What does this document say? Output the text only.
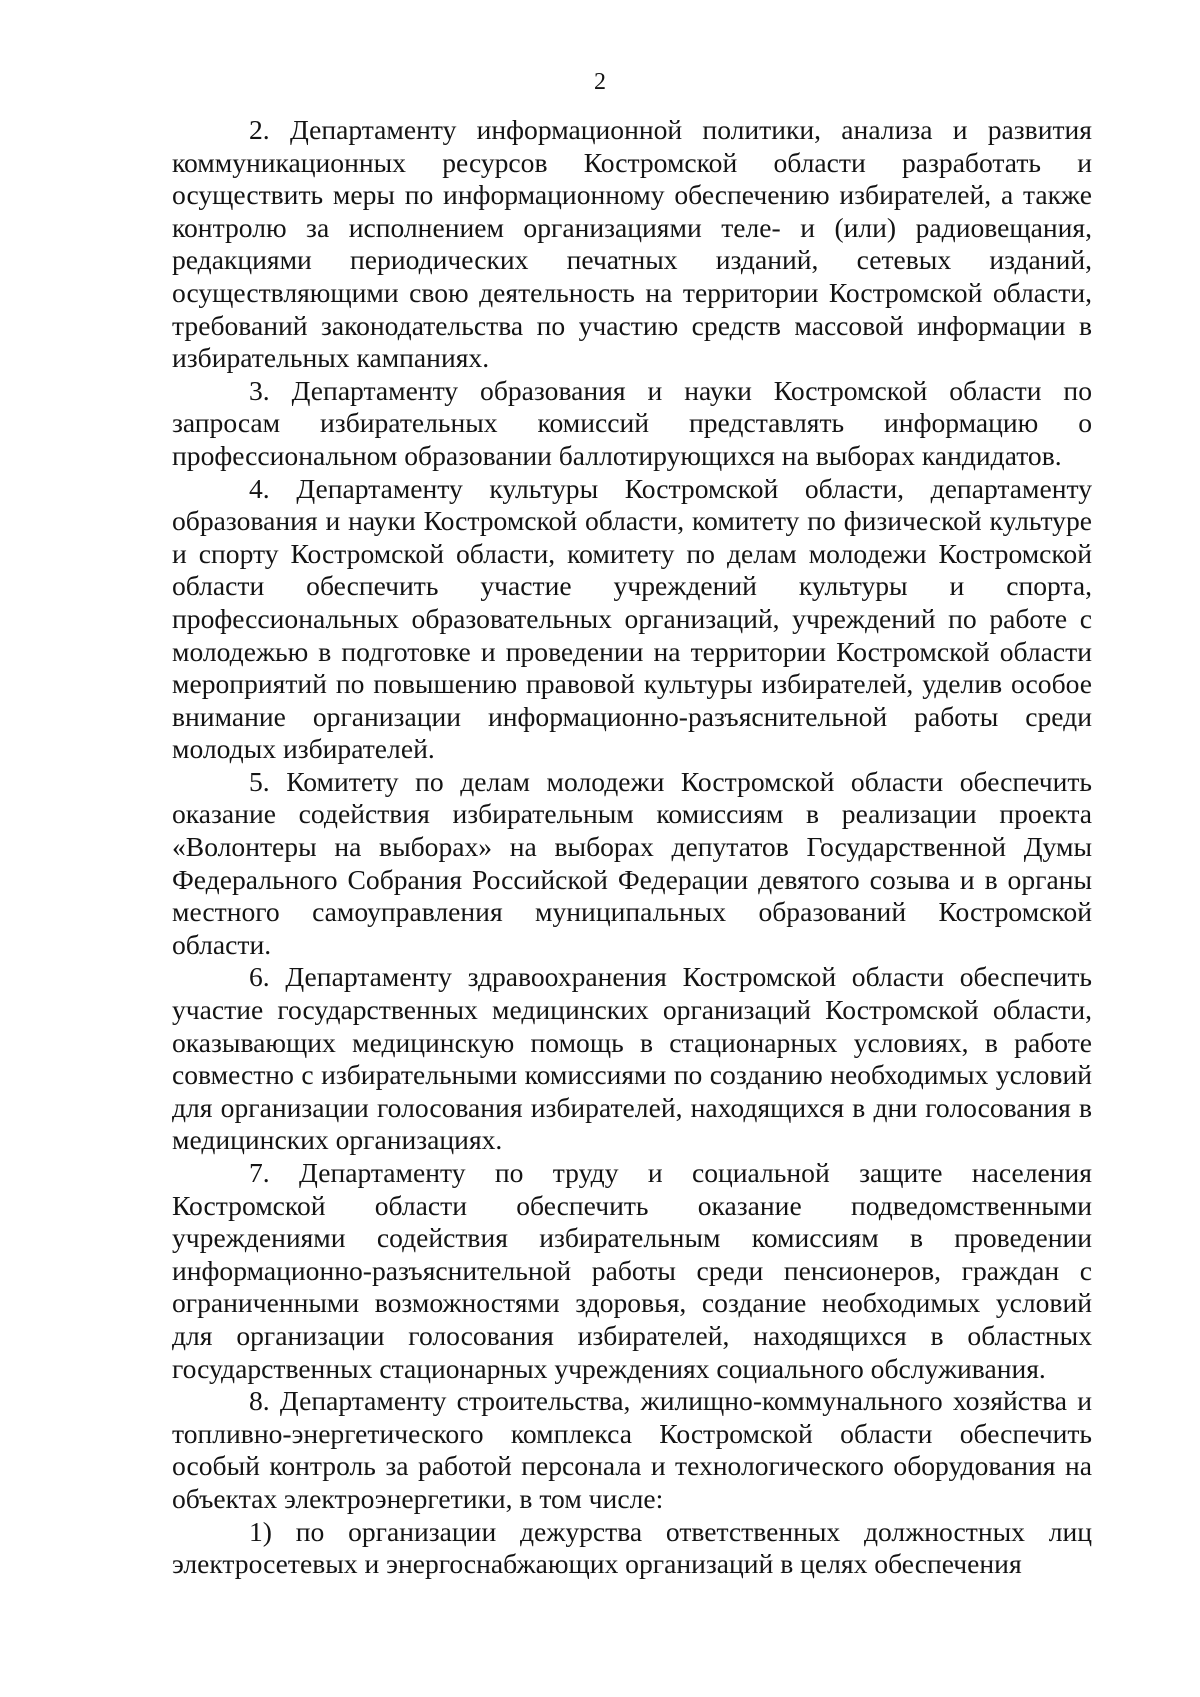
2

2. Департаменту информационной политики, анализа и развития коммуникационных ресурсов Костромской области разработать и осуществить меры по информационному обеспечению избирателей, а также контролю за исполнением организациями теле- и (или) радиовещания, редакциями периодических печатных изданий, сетевых изданий, осуществляющими свою деятельность на территории Костромской области, требований законодательства по участию средств массовой информации в избирательных кампаниях.

3. Департаменту образования и науки Костромской области по запросам избирательных комиссий представлять информацию о профессиональном образовании баллотирующихся на выборах кандидатов.

4. Департаменту культуры Костромской области, департаменту образования и науки Костромской области, комитету по физической культуре и спорту Костромской области, комитету по делам молодежи Костромской области обеспечить участие учреждений культуры и спорта, профессиональных образовательных организаций, учреждений по работе с молодежью в подготовке и проведении на территории Костромской области мероприятий по повышению правовой культуры избирателей, уделив особое внимание организации информационно-разъяснительной работы среди молодых избирателей.

5. Комитету по делам молодежи Костромской области обеспечить оказание содействия избирательным комиссиям в реализации проекта «Волонтеры на выборах» на выборах депутатов Государственной Думы Федерального Собрания Российской Федерации девятого созыва и в органы местного самоуправления муниципальных образований Костромской области.

6. Департаменту здравоохранения Костромской области обеспечить участие государственных медицинских организаций Костромской области, оказывающих медицинскую помощь в стационарных условиях, в работе совместно с избирательными комиссиями по созданию необходимых условий для организации голосования избирателей, находящихся в дни голосования в медицинских организациях.

7. Департаменту по труду и социальной защите населения Костромской области обеспечить оказание подведомственными учреждениями содействия избирательным комиссиям в проведении информационно-разъяснительной работы среди пенсионеров, граждан с ограниченными возможностями здоровья, создание необходимых условий для организации голосования избирателей, находящихся в областных государственных стационарных учреждениях социального обслуживания.

8. Департаменту строительства, жилищно-коммунального хозяйства и топливно-энергетического комплекса Костромской области обеспечить особый контроль за работой персонала и технологического оборудования на объектах электроэнергетики, в том числе:

1) по организации дежурства ответственных должностных лиц электросетевых и энергоснабжающих организаций в целях обеспечения
